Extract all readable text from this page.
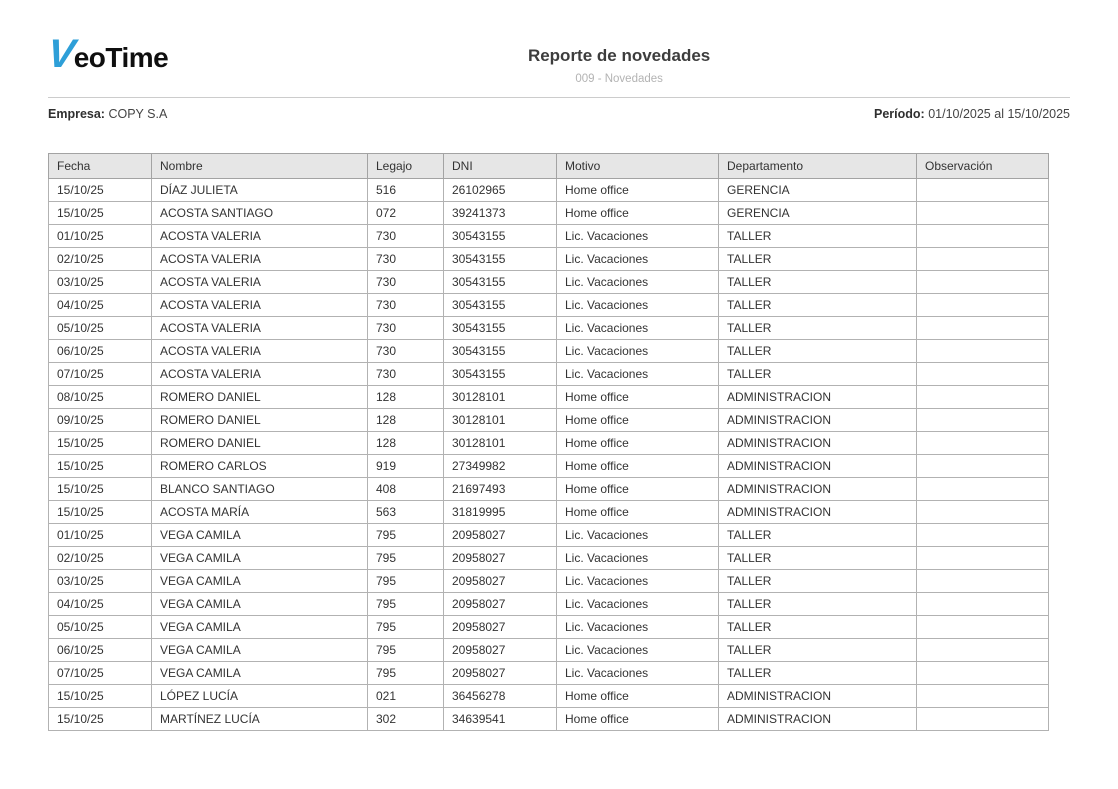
VeoTime	Reporte de novedades
009 - Novedades
Empresa: COPY S.A	Período: 01/10/2025 al 15/10/2025
Fecha	Nombre	Legajo	DNI	Motivo	Departamento	Observación
15/10/25	DÍAZ JULIETA	516	26102965	Home office	GERENCIA	
15/10/25	ACOSTA SANTIAGO	072	39241373	Home office	GERENCIA	
01/10/25	ACOSTA VALERIA	730	30543155	Lic. Vacaciones	TALLER	
02/10/25	ACOSTA VALERIA	730	30543155	Lic. Vacaciones	TALLER	
03/10/25	ACOSTA VALERIA	730	30543155	Lic. Vacaciones	TALLER	
04/10/25	ACOSTA VALERIA	730	30543155	Lic. Vacaciones	TALLER	
05/10/25	ACOSTA VALERIA	730	30543155	Lic. Vacaciones	TALLER	
06/10/25	ACOSTA VALERIA	730	30543155	Lic. Vacaciones	TALLER	
07/10/25	ACOSTA VALERIA	730	30543155	Lic. Vacaciones	TALLER	
08/10/25	ROMERO DANIEL	128	30128101	Home office	ADMINISTRACION	
09/10/25	ROMERO DANIEL	128	30128101	Home office	ADMINISTRACION	
15/10/25	ROMERO DANIEL	128	30128101	Home office	ADMINISTRACION	
15/10/25	ROMERO CARLOS	919	27349982	Home office	ADMINISTRACION	
15/10/25	BLANCO SANTIAGO	408	21697493	Home office	ADMINISTRACION	
15/10/25	ACOSTA MARÍA	563	31819995	Home office	ADMINISTRACION	
01/10/25	VEGA CAMILA	795	20958027	Lic. Vacaciones	TALLER	
02/10/25	VEGA CAMILA	795	20958027	Lic. Vacaciones	TALLER	
03/10/25	VEGA CAMILA	795	20958027	Lic. Vacaciones	TALLER	
04/10/25	VEGA CAMILA	795	20958027	Lic. Vacaciones	TALLER	
05/10/25	VEGA CAMILA	795	20958027	Lic. Vacaciones	TALLER	
06/10/25	VEGA CAMILA	795	20958027	Lic. Vacaciones	TALLER	
07/10/25	VEGA CAMILA	795	20958027	Lic. Vacaciones	TALLER	
15/10/25	LÓPEZ LUCÍA	021	36456278	Home office	ADMINISTRACION	
15/10/25	MARTÍNEZ LUCÍA	302	34639541	Home office	ADMINISTRACION	
